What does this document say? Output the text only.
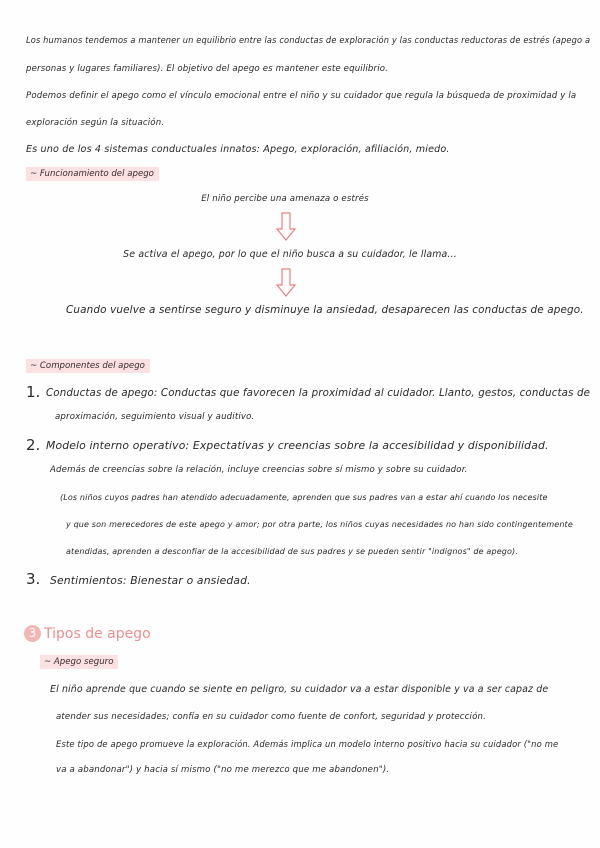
Los humanos tendemos a mantener un equilibrio entre las conductas de exploración y las conductas reductoras de estrés (apego a
personas y lugares familiares). El objetivo del apego es mantener este equilibrio.
Podemos definir el apego como el vínculo emocional entre el niño y su cuidador que regula la búsqueda de proximidad y la
exploración según la situación.
Es uno de los 4 sistemas conductuales innatos: Apego, exploración, afiliación, miedo.
~ Funcionamiento del apego
El niño percibe una amenaza o estrés
Se activa el apego, por lo que el niño busca a su cuidador, le llama...
Cuando vuelve a sentirse seguro y disminuye la ansiedad, desaparecen las conductas de apego.
~ Componentes del apego
1. Conductas de apego: Conductas que favorecen la proximidad al cuidador. Llanto, gestos, conductas de
aproximación, seguimiento visual y auditivo.
2. Modelo interno operativo: Expectativas y creencias sobre la accesibilidad y disponibilidad.
Además de creencias sobre la relación, incluye creencias sobre sí mismo y sobre su cuidador.
(Los niños cuyos padres han atendido adecuadamente, aprenden que sus padres van a estar ahí cuando los necesite
y que son merecedores de este apego y amor; por otra parte, los niños cuyas necesidades no han sido contingentemente
atendidas, aprenden a desconfiar de la accesibilidad de sus padres y se pueden sentir "indignos" de apego).
3. Sentimientos: Bienestar o ansiedad.
3 Tipos de apego
~ Apego seguro
El niño aprende que cuando se siente en peligro, su cuidador va a estar disponible y va a ser capaz de
atender sus necesidades; confía en su cuidador como fuente de confort, seguridad y protección.
Este tipo de apego promueve la exploración. Además implica un modelo interno positivo hacia su cuidador ("no me
va a abandonar") y hacia sí mismo ("no me merezco que me abandonen").
